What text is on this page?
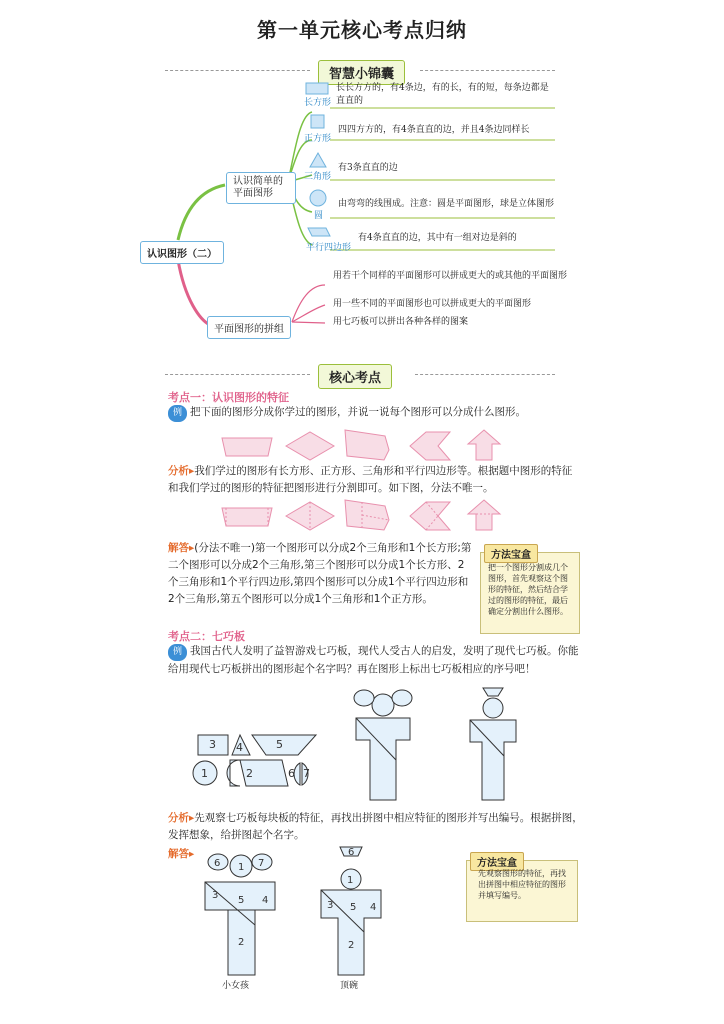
第一单元核心考点归纳
智慧小锦囊
认识图形（二）
认识简单的平面图形
平面图形的拼组
长方形
长长方方的，有4条边，有的长，有的短，每条边都是直直的
正方形
四四方方的，有4条直直的边，并且4条边同样长
三角形
有3条直直的边
圆
由弯弯的线围成。注意：圆是平面图形，球是立体图形
平行四边形
有4条直直的边，其中有一组对边是斜的
用若干个同样的平面图形可以拼成更大的或其他的平面图形
用一些不同的平面图形也可以拼成更大的平面图形
用七巧板可以拼出各种各样的图案
核心考点
考点一：认识图形的特征
例 把下面的图形分成你学过的图形，并说一说每个图形可以分成什么图形。
分析▸我们学过的图形有长方形、正方形、三角形和平行四边形等。根据题中图形的特征和我们学过的图形的特征把图形进行分割即可。如下图，分法不唯一。
解答▸(分法不唯一)第一个图形可以分成2个三角形和1个长方形;第二个图形可以分成2个三角形,第三个图形可以分成1个长方形、2个三角形和1个平行四边形,第四个图形可以分成1个平行四边形和2个三角形,第五个图形可以分成1个三角形和1个正方形。
方法宝盒
把一个图形分割成几个图形，首先观察这个图形的特征，然后结合学过的图形的特征，最后确定分割出什么图形。
考点二：七巧板
例 我国古代人发明了益智游戏七巧板，现代人受古人的启发，发明了现代七巧板。你能给用现代七巧板拼出的图形起个名字吗？再在图形上标出七巧板相应的序号吧！
3 4	5
1	2	6 7
分析▸先观察七巧板每块板的特征，再找出拼图中相应特征的图形并写出编号。根据拼图，发挥想象，给拼图起个名字。
解答▸
6 1 7
3 5 4
2
6
1
3 5 4
2
小女孩	顶碗
方法宝盒
先观察图形的特征，再找出拼图中相应特征的图形并填写编号。
